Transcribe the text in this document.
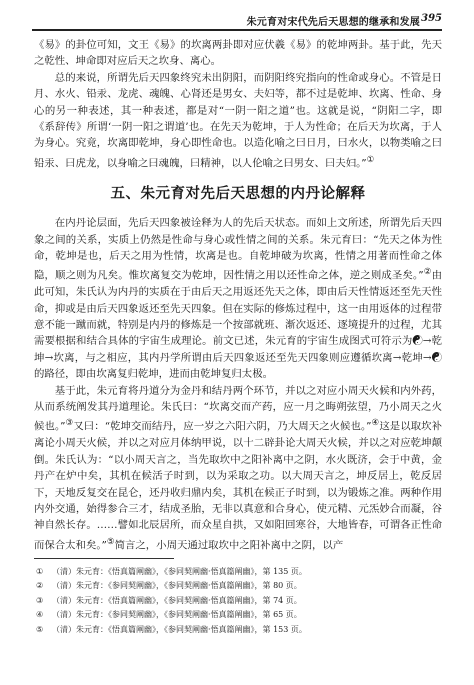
朱元育对宋代先后天思想的继承和发展 395

《易》的卦位可知，文王《易》的坎离两卦即对应伏羲《易》的乾坤两卦。基于此，先天之乾性、坤命即对应后天之坎身、离心。

总的来说，所谓先后天四象终究未出阴阳，而阴阳终究指向的性命或身心。不管是日月、水火、铅汞、龙虎、魂魄、心肾还是男女、夫妇等，都不过是乾坤、坎离、性命、身心的另一种表述，其一种表述，都是对“一阴一阳之道”也。这就是说，“阴阳二字，即《系辞传》所谓‘一阴一阳之谓道’也。在先天为乾坤，于人为性命；在后天为坎离，于人为身心。究竟，坎离即乾坤，身心即性命也。以造化喻之曰日月，曰水火，以物类喻之曰铅汞、曰虎龙，以身喻之曰魂魄，曰精神，以人伦喻之曰男女、曰夫妇。”①

五、朱元育对先后天思想的内丹论解释

在内丹论层面，先后天四象被诠释为人的先后天状态。而如上文所述，所谓先后天四象之间的关系，实质上仍然是性命与身心或性情之间的关系。朱元育曰：“先天之体为性命，乾坤是也，后天之用为性情，坎离是也。自乾坤破为坎离，性情之用著而性命之体隐，顺之则为凡矣。惟坎离复交为乾坤，因性情之用以还性命之体，逆之则成圣矣。”②由此可知，朱氏认为内丹的实质在于由后天之用返还先天之体，即由后天性情返还至先天性命，抑或是由后天四象返还至先天四象。但在实际的修炼过程中，这一由用返体的过程带意不能一蹴而就，特别是内丹的修炼是一个按部就班、渐次返还、逐境提升的过程，尤其需要根据和结合具体的宇宙生成理论。前文已述，朱元育的宇宙生成图式可符示为☯→乾坤→坎离，与之相应，其内丹学所谓由后天四象返还至先天四象则应遵循坎离→乾坤→☯的路径，即由坎离复归乾坤，进而由乾坤复归太极。

基于此，朱元育将丹道分为金丹和结丹两个环节，并以之对应小周天火候和内外药，从而系统阐发其丹道理论。朱氏曰：“坎离交而产药，应一月之晦朔弦望，乃小周天之火候也。”③又曰：“乾坤交而结丹，应一岁之六阳六阴，乃大周天之火候也。”④这是以取坎补离论小周天火候，并以之对应月体纳甲说，以十二辟卦论大周天火候，并以之对应乾坤颠倒。朱氏认为：“以小周天言之，当先取坎中之阳补离中之阴，水火既济，会于中黄，金丹产在炉中矣，其机在候活子时到，以为采取之功。以大周天言之，坤反居上，乾反居下，天地反复交在昆仑，还丹收归鼎内矣，其机在候正子时到，以为锻炼之准。两种作用内外交通，始得参合三才，结成圣胎，无非以真意和合身心，使元精、元炁妙合而凝，谷神自然长存。……譬如北辰居所，而众星自拱，又如阳回寒谷，大地皆春，可谓各正性命而保合太和矣。”⑤简言之，小周天通过取坎中之阳补离中之阴，以产

① （清）朱元育：《悟真篇阐幽》，《参同契阐幽·悟真篇阐幽》，第 135 页。
② （清）朱元育：《参同契阐幽》，《参同契阐幽·悟真篇阐幽》，第 80 页。
③ （清）朱元育：《悟真篇阐幽》，《参同契阐幽·悟真篇阐幽》，第 74 页。
④ （清）朱元育：《参同契阐幽》，《参同契阐幽·悟真篇阐幽》，第 65 页。
⑤ （清）朱元育：《悟真篇阐幽》，《参同契阐幽·悟真篇阐幽》，第 153 页。
